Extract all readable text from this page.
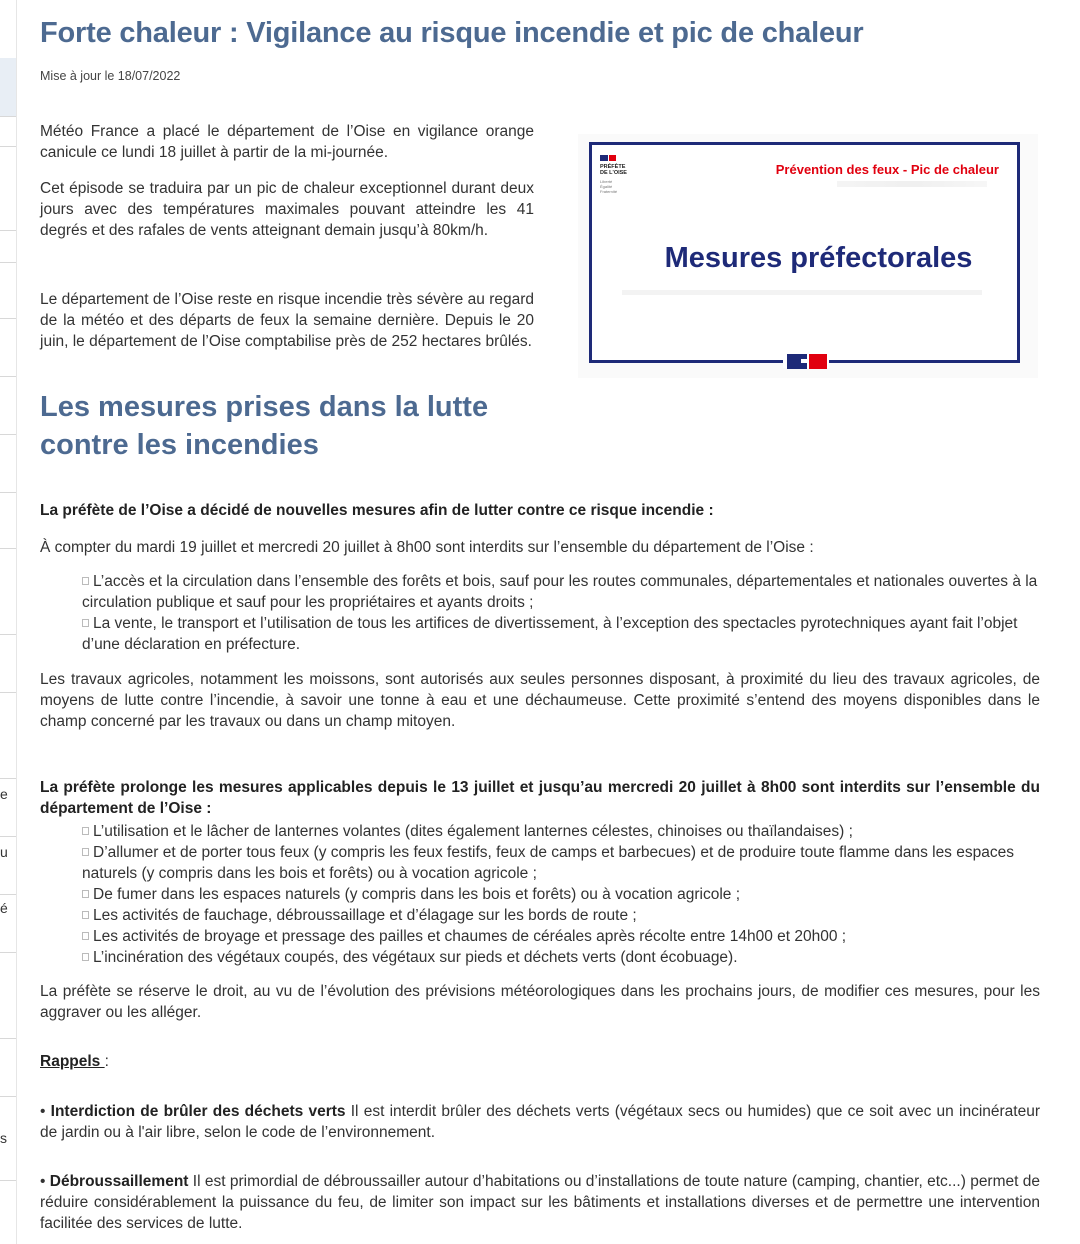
e
u
é
s
Forte chaleur : Vigilance au risque incendie et pic de chaleur
Mise à jour le 18/07/2022

Météo France a placé le département de l’Oise en vigilance orange canicule ce lundi 18 juillet à partir de la mi-journée.

Cet épisode se traduira par un pic de chaleur exceptionnel durant deux jours avec des températures maximales pouvant atteindre les 41 degrés et des rafales de vents atteignant demain jusqu’à 80km/h.

Le département de l’Oise reste en risque incendie très sévère au regard de la météo et des départs de feux la semaine dernière. Depuis le 20 juin, le département de l’Oise comptabilise près de 252 hectares brûlés.

Les mesures prises dans la lutte contre les incendies

La préfète de l’Oise a décidé de nouvelles mesures afin de lutter contre ce risque incendie :

À compter du mardi 19 juillet et mercredi 20 juillet à 8h00 sont interdits sur l’ensemble du département de l’Oise :

L’accès et la circulation dans l’ensemble des forêts et bois, sauf pour les routes communales, départementales et nationales ouvertes à la circulation publique et sauf pour les propriétaires et ayants droits ;

La vente, le transport et l’utilisation de tous les artifices de divertissement, à l’exception des spectacles pyrotechniques ayant fait l’objet d’une déclaration en préfecture.

Les travaux agricoles, notamment les moissons, sont autorisés aux seules personnes disposant, à proximité du lieu des travaux agricoles, de moyens de lutte contre l’incendie, à savoir une tonne à eau et une déchaumeuse. Cette proximité s’entend des moyens disponibles dans le champ concerné par les travaux ou dans un champ mitoyen.

La préfète prolonge les mesures applicables depuis le 13 juillet et jusqu’au mercredi 20 juillet à 8h00 sont interdits sur l’ensemble du département de l’Oise :

L’utilisation et le lâcher de lanternes volantes (dites également lanternes célestes, chinoises ou thaïlandaises) ;

D’allumer et de porter tous feux (y compris les feux festifs, feux de camps et barbecues) et de produire toute flamme dans les espaces naturels (y compris dans les bois et forêts) ou à vocation agricole ;

De fumer dans les espaces naturels (y compris dans les bois et forêts) ou à vocation agricole ;

Les activités de fauchage, débroussaillage et d’élagage sur les bords de route ;

Les activités de broyage et pressage des pailles et chaumes de céréales après récolte entre 14h00 et 20h00 ;

L’incinération des végétaux coupés, des végétaux sur pieds et déchets verts (dont écobuage).

La préfète se réserve le droit, au vu de l’évolution des prévisions météorologiques dans les prochains jours, de modifier ces mesures, pour les aggraver ou les alléger.

Rappels :

• Interdiction de brûler des déchets verts Il est interdit brûler des déchets verts (végétaux secs ou humides) que ce soit avec un incinérateur de jardin ou à l'air libre, selon le code de l’environnement.

• Débroussaillement Il est primordial de débroussailler autour d’habitations ou d’installations de toute nature (camping, chantier, etc...) permet de réduire considérablement la puissance du feu, de limiter son impact sur les bâtiments et installations diverses et de permettre une intervention facilitée des services de lutte.

PRÉFÈTE
DE L'OISE
Liberté
Égalité
Fraternité
Prévention des feux - Pic de chaleur
Mesures préfectorales
